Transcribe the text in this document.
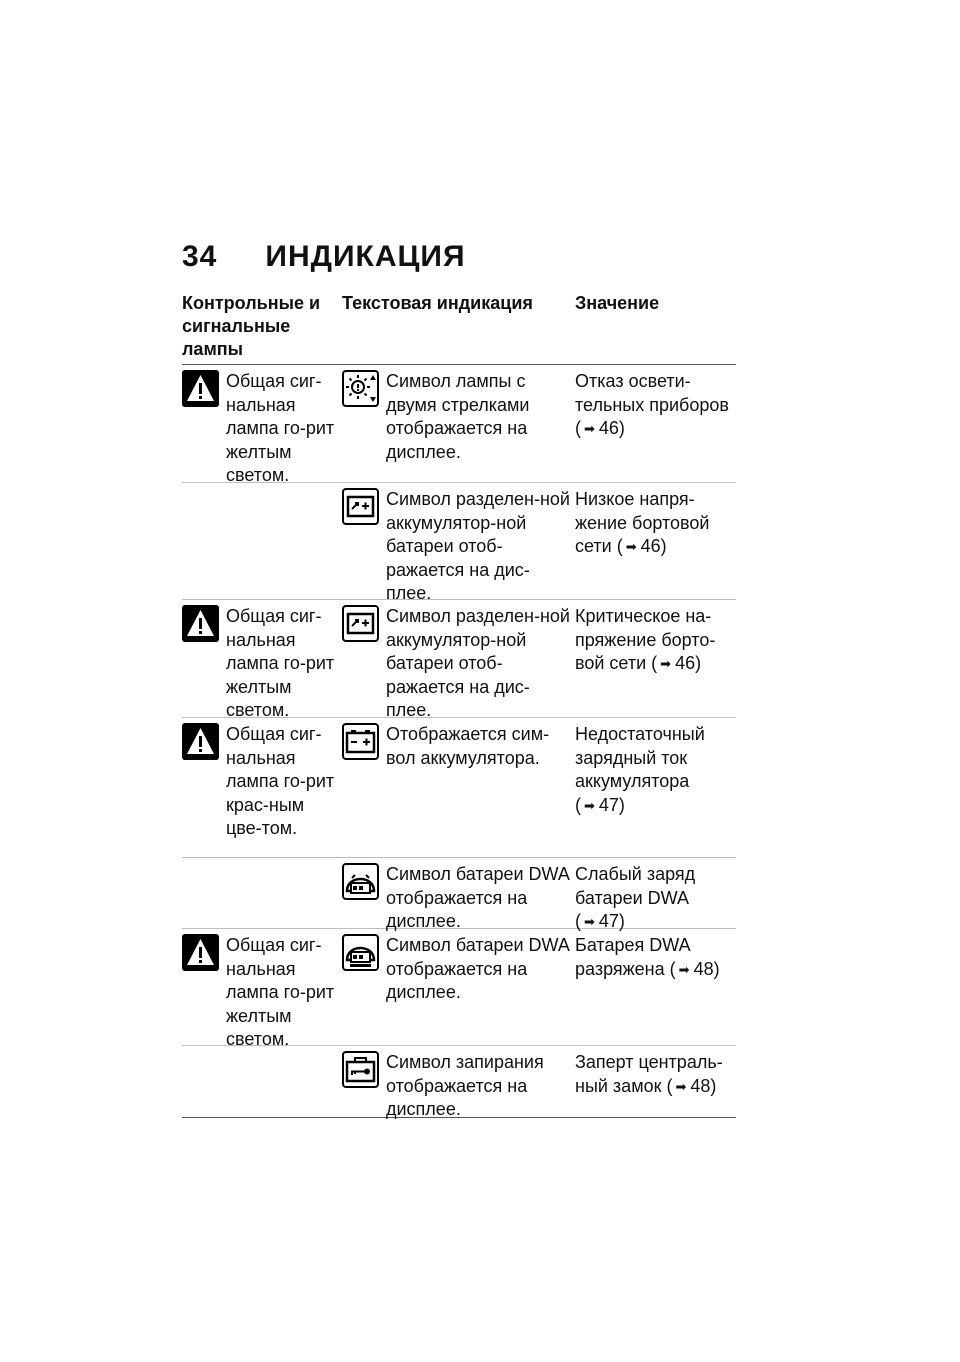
34 ИНДИКАЦИЯ
Контрольные и сигнальные лампы
Текстовая индикация	Значение
Общая сиг-нальная лампа го-рит желтым светом.
Символ лампы с двумя стрелками отображается на дисплее.
Отказ освети-тельных приборов
( ➡ 46)
Символ разделен-ной аккумулятор-ной батареи отоб-ражается на дис-плее.
Низкое напря-жение бортовой сети ( ➡ 46)
Общая сиг-нальная лампа го-рит желтым светом.
Символ разделен-ной аккумулятор-ной батареи отоб-ражается на дис-плее.
Критическое на-пряжение борто-вой сети ( ➡ 46)
Общая сиг-нальная лампа го-рит крас-ным цве-том.
Отображается сим-вол аккумулятора.
Недостаточный зарядный ток аккумулятора
( ➡ 47)
Символ батареи DWA отображается на дисплее.
Слабый заряд батареи DWA
( ➡ 47)
Общая сиг-нальная лампа го-рит желтым светом.
Символ батареи DWA отображается на дисплее.
Батарея DWA разряжена ( ➡ 48)
Символ запирания отображается на дисплее.
Заперт централь-ный замок ( ➡ 48)
